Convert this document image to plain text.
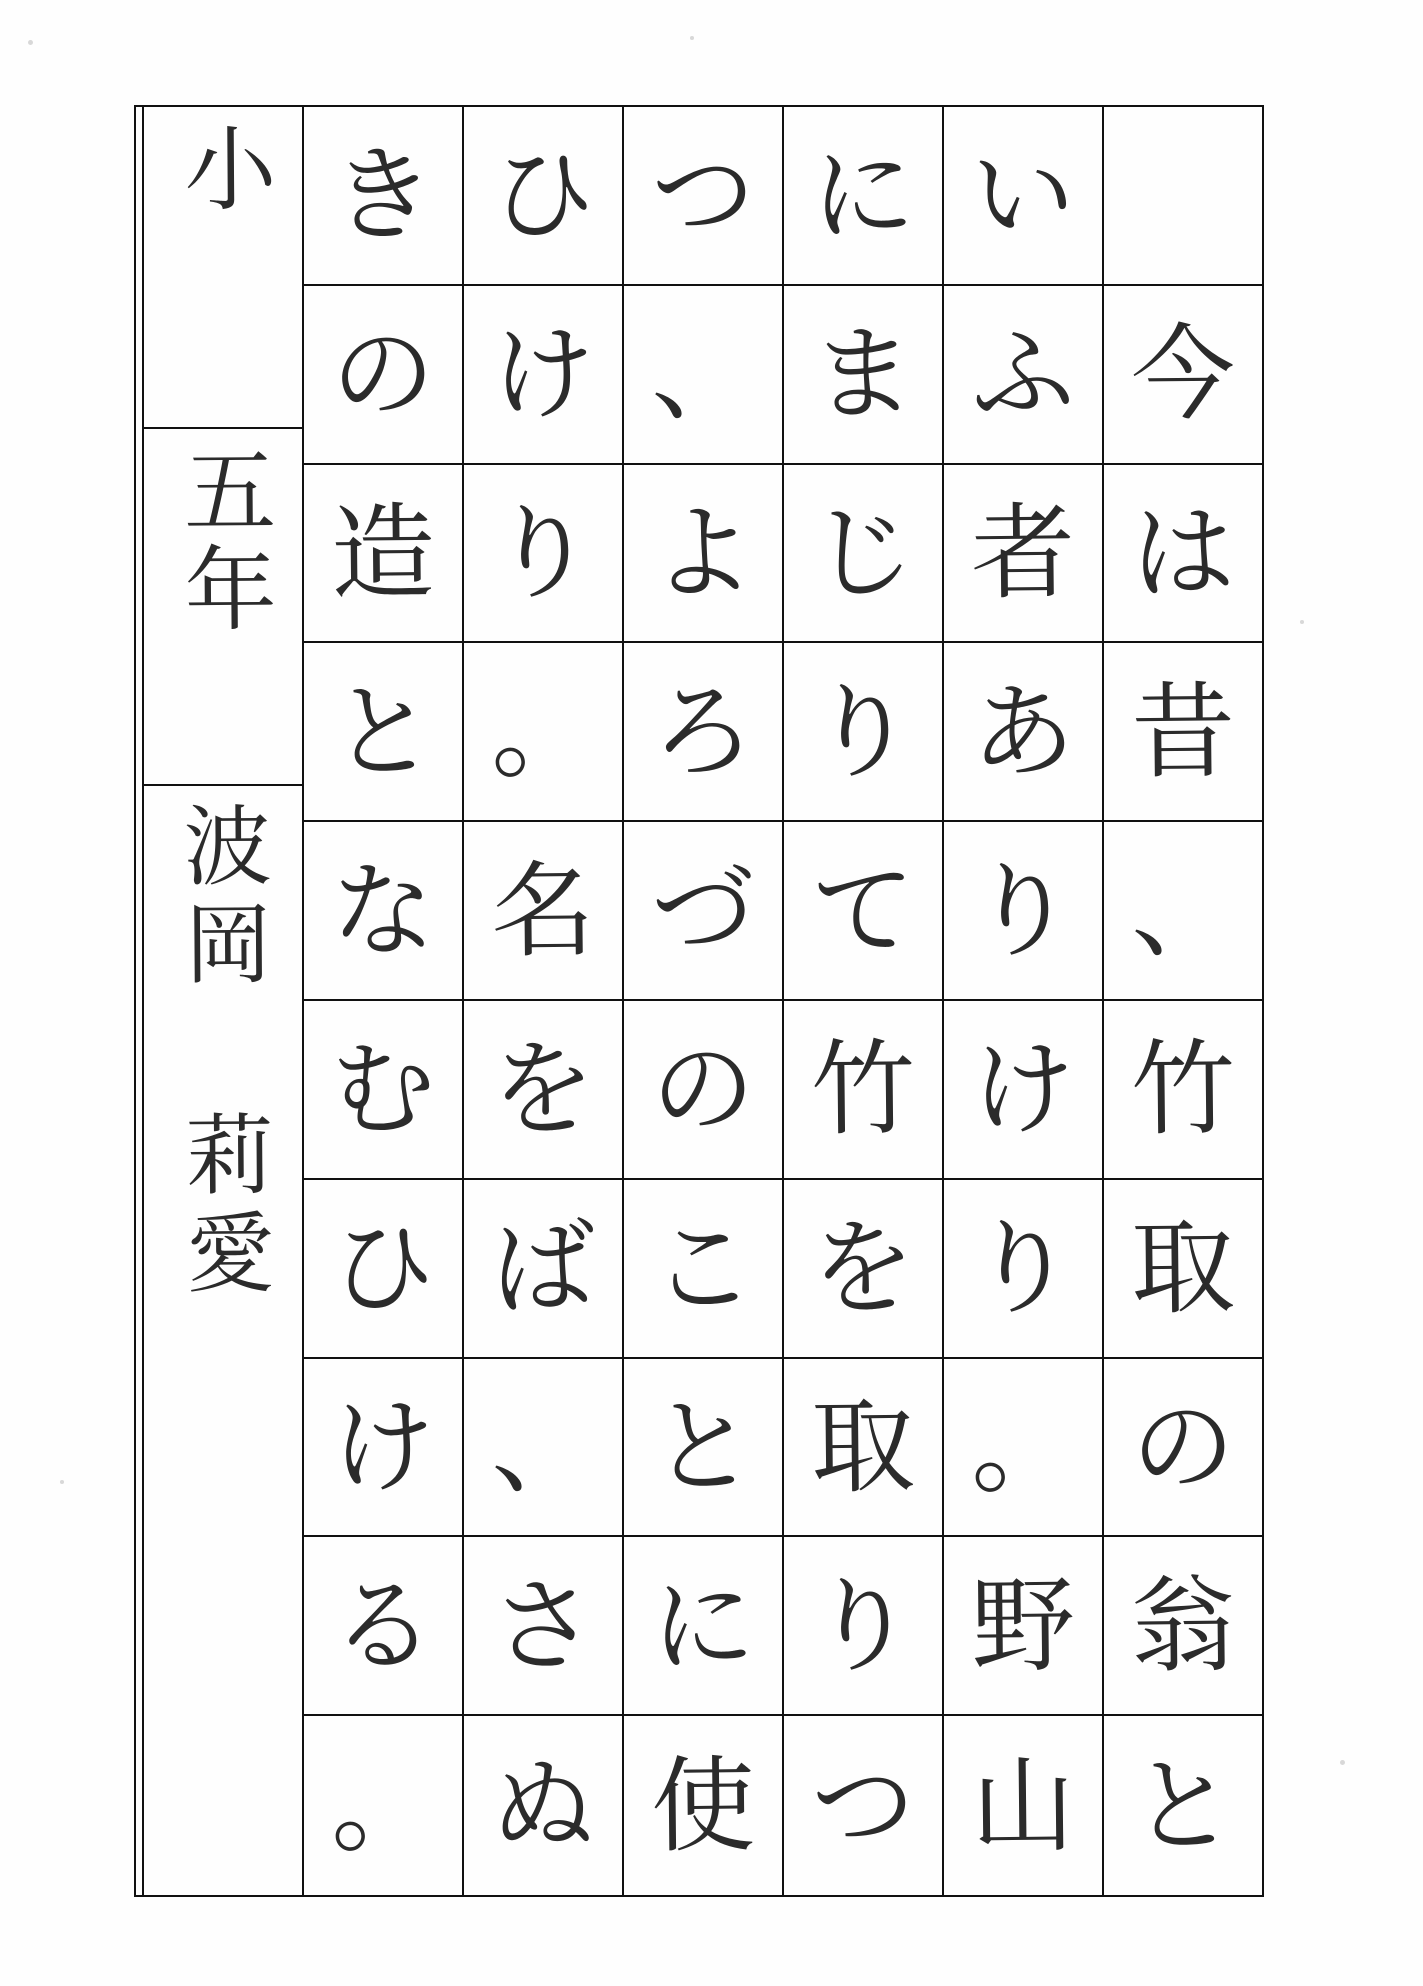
今
は
昔
、
竹
取
の
翁
と
い
ふ
者
あ
り
け
り
。
野
山
に
ま
じ
り
て
竹
を
取
り
つ
つ
、
よ
ろ
づ
の
こ
と
に
使
ひ
け
り
。
名
を
ば
、
さ
ぬ
き
の
造
と
な
む
ひ
け
る
。
小
五年
波岡 莉愛
